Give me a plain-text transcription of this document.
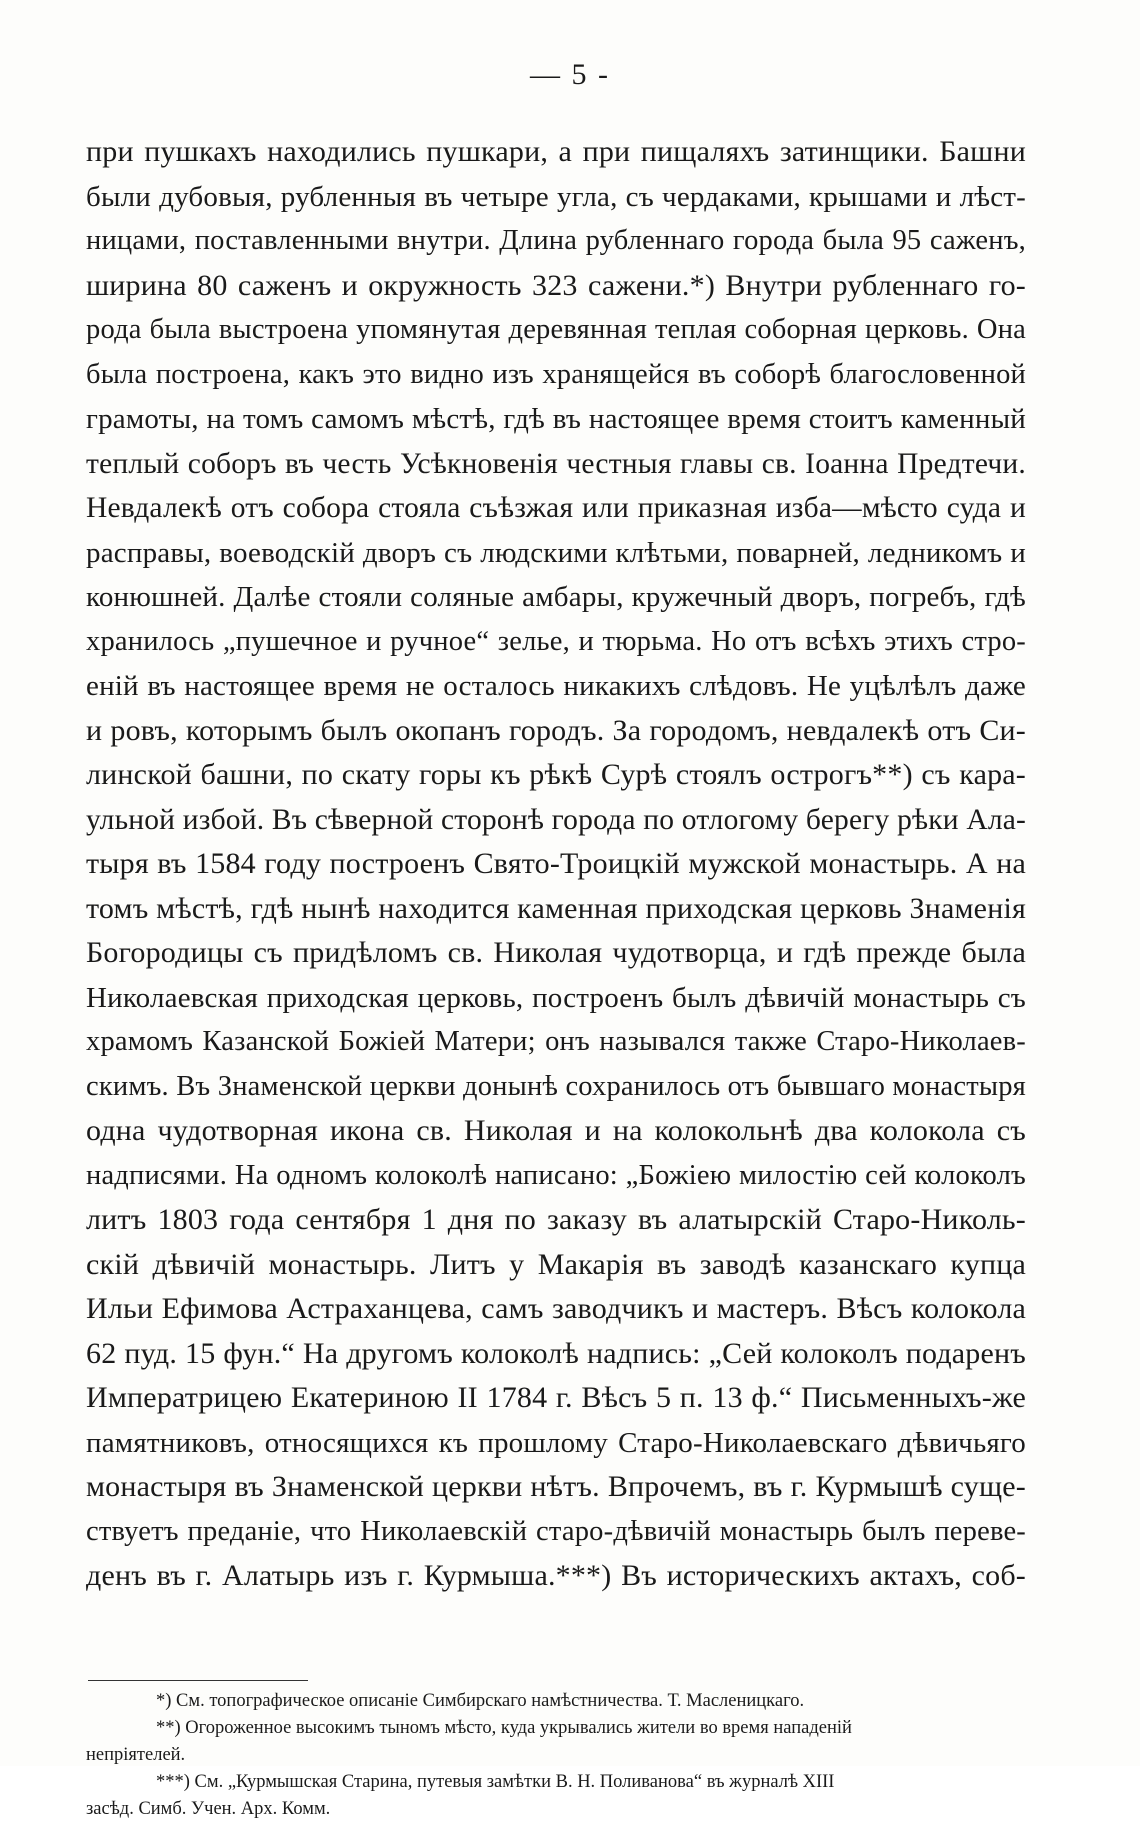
— 5 -
при пушкахъ находились пушкари, а при пищаляхъ затинщики. Башни
были дубовыя, рубленныя въ четыре угла, съ чердаками, крышами и лѣст-
ницами, поставленными внутри. Длина рубленнаго города была 95 саженъ,
ширина 80 саженъ и окружность 323 сажени.*) Внутри рубленнаго го-
рода была выстроена упомянутая деревянная теплая соборная церковь. Она
была построена, какъ это видно изъ хранящейся въ соборѣ благословенной
грамоты, на томъ самомъ мѣстѣ, гдѣ въ настоящее время стоитъ каменный
теплый соборъ въ честь Усѣкновенія честныя главы св. Іоанна Предтечи.
Невдалекѣ отъ собора стояла съѣзжая или приказная изба—мѣсто суда и
расправы, воеводскій дворъ съ людскими клѣтьми, поварней, ледникомъ и
конюшней. Далѣе стояли соляные амбары, кружечный дворъ, погребъ, гдѣ
хранилось „пушечное и ручное“ зелье, и тюрьма. Но отъ всѣхъ этихъ стро-
еній въ настоящее время не осталось никакихъ слѣдовъ. Не уцѣлѣлъ даже
и ровъ, которымъ былъ окопанъ городъ. За городомъ, невдалекѣ отъ Си-
линской башни, по скату горы къ рѣкѣ Сурѣ стоялъ острогъ**) съ кара-
ульной избой. Въ сѣверной сторонѣ города по отлогому берегу рѣки Ала-
тыря въ 1584 году построенъ Свято-Троицкій мужской монастырь. А на
томъ мѣстѣ, гдѣ нынѣ находится каменная приходская церковь Знаменія
Богородицы съ придѣломъ св. Николая чудотворца, и гдѣ прежде была
Николаевская приходская церковь, построенъ былъ дѣвичій монастырь съ
храмомъ Казанской Божіей Матери; онъ назывался также Старо-Николаев-
скимъ. Въ Знаменской церкви донынѣ сохранилось отъ бывшаго монастыря
одна чудотворная икона св. Николая и на колокольнѣ два колокола съ
надписями. На одномъ колоколѣ написано: „Божіею милостію сей колоколъ
литъ 1803 года сентября 1 дня по заказу въ алатырскій Старо-Николь-
скій дѣвичій монастырь. Литъ у Макарія въ заводѣ казанскаго купца
Ильи Ефимова Астраханцева, самъ заводчикъ и мастеръ. Вѣсъ колокола
62 пуд. 15 фун.“ На другомъ колоколѣ надпись: „Сей колоколъ подаренъ
Императрицею Екатериною II 1784 г. Вѣсъ 5 п. 13 ф.“ Письменныхъ-же
памятниковъ, относящихся къ прошлому Старо-Николаевскаго дѣвичьяго
монастыря въ Знаменской церкви нѣтъ. Впрочемъ, въ г. Курмышѣ суще-
ствуетъ преданіе, что Николаевскій старо-дѣвичій монастырь былъ переве-
денъ въ г. Алатырь изъ г. Курмыша.***) Въ историческихъ актахъ, соб-
*) См. топографическое описаніе Симбирскаго намѣстничества. Т. Масленицкаго.
**) Огороженное высокимъ тыномъ мѣсто, куда укрывались жители во время нападеній
непріятелей.
***) См. „Курмышская Старина, путевыя замѣтки В. Н. Поливанова“ въ журналѣ XIII
засѣд. Симб. Учен. Арх. Комм.
